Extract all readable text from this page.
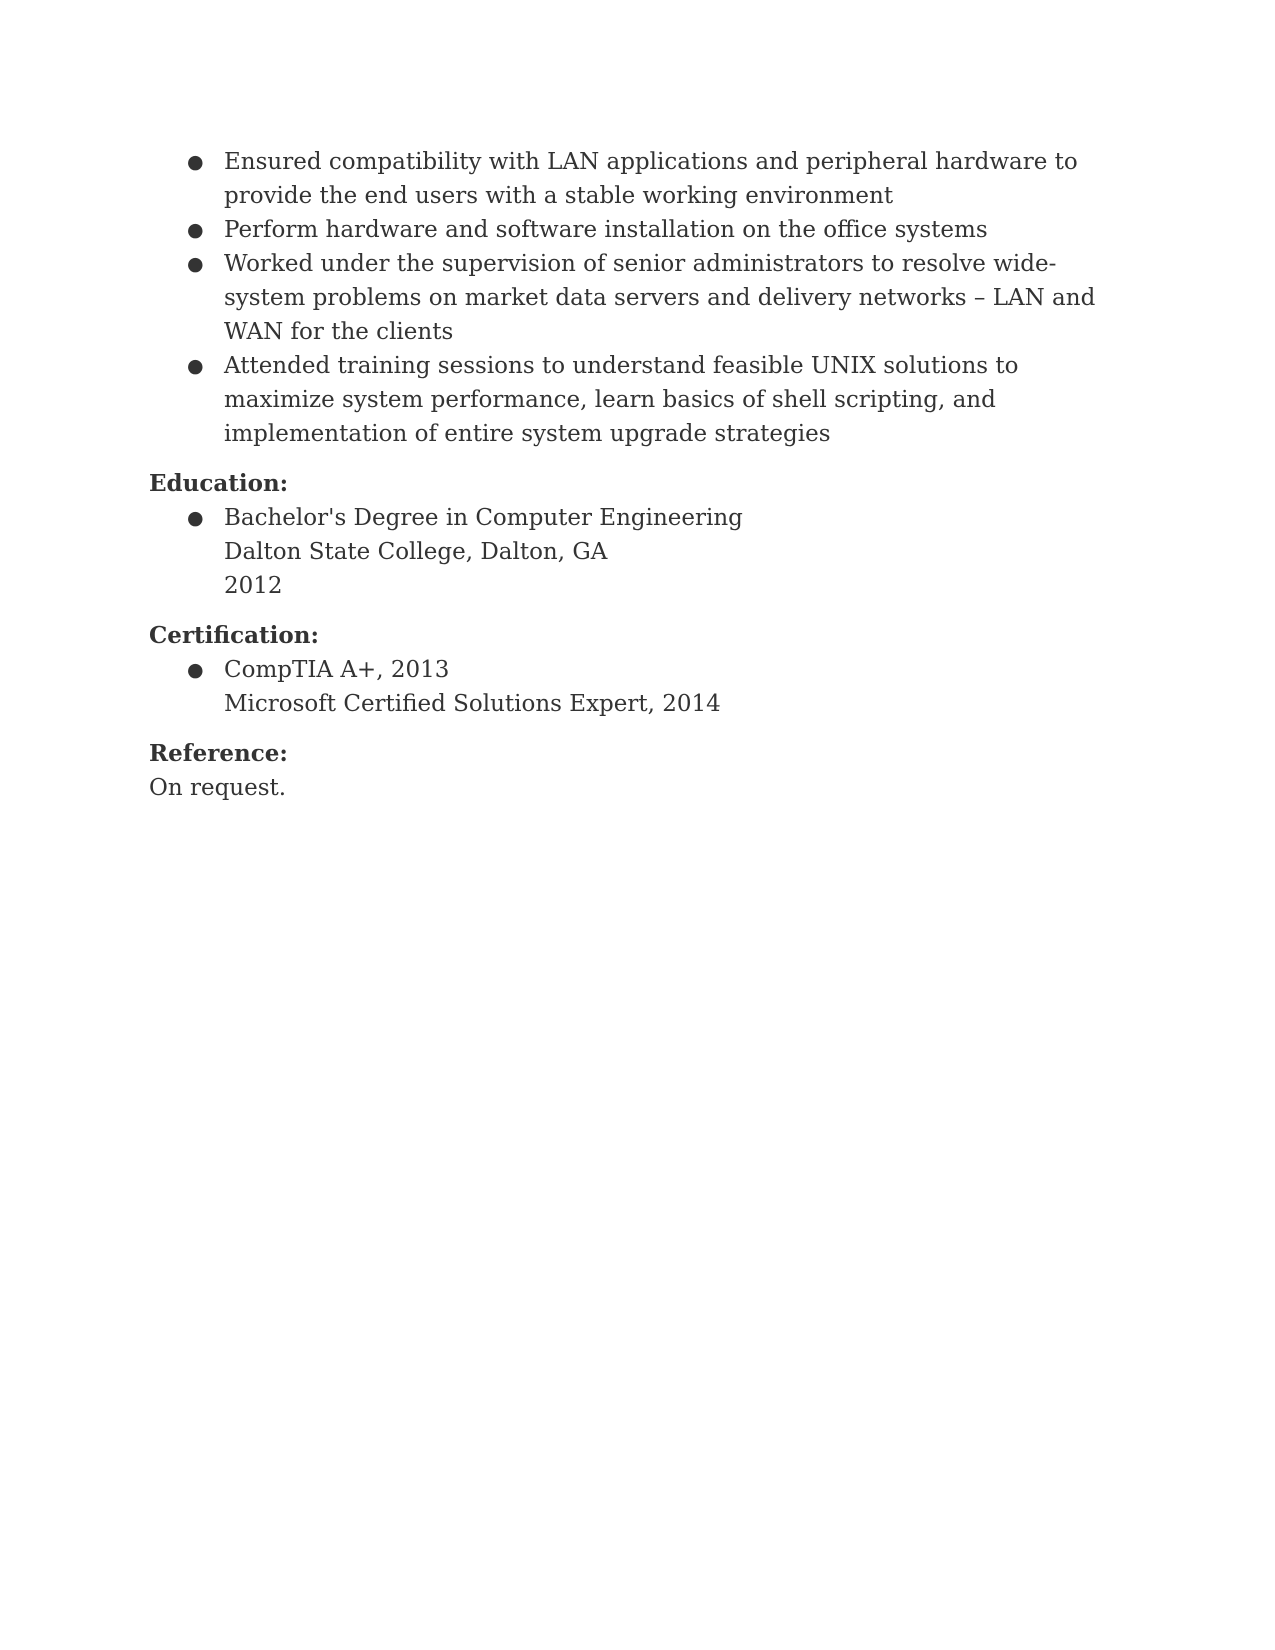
● Ensured compatibility with LAN applications and peripheral hardware to provide the end users with a stable working environment
● Perform hardware and software installation on the office systems
● Worked under the supervision of senior administrators to resolve wide-system problems on market data servers and delivery networks – LAN and WAN for the clients
● Attended training sessions to understand feasible UNIX solutions to maximize system performance, learn basics of shell scripting, and implementation of entire system upgrade strategies
Education:
● Bachelor's Degree in Computer Engineering
Dalton State College, Dalton, GA
2012
Certification:
● CompTIA A+, 2013
Microsoft Certified Solutions Expert, 2014
Reference:

On request.
